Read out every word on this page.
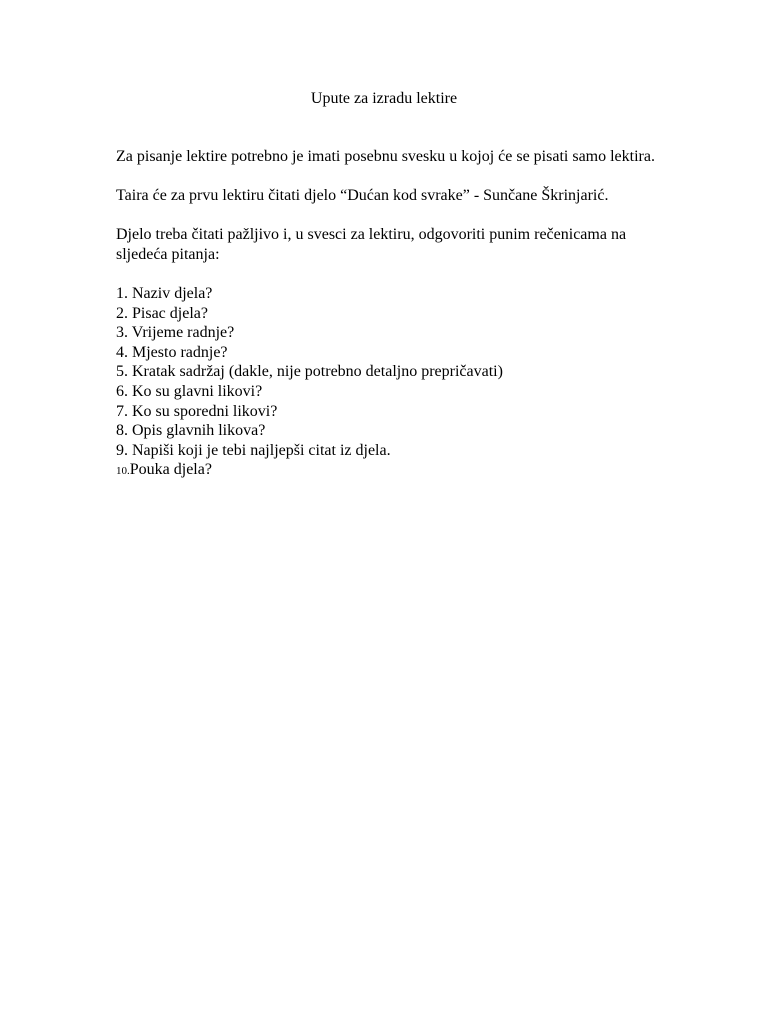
Upute za izradu lektire

Za pisanje lektire potrebno je imati posebnu svesku u kojoj će se pisati samo lektira.

Taira će za prvu lektiru čitati djelo “Dućan kod svrake” - Sunčane Škrinjarić.

Djelo treba čitati pažljivo i, u svesci za lektiru, odgovoriti punim rečenicama na sljedeća pitanja:

1. Naziv djela?
2. Pisac djela?
3. Vrijeme radnje?
4. Mjesto radnje?
5. Kratak sadržaj (dakle, nije potrebno detaljno prepričavati)
6. Ko su glavni likovi?
7. Ko su sporedni likovi?
8. Opis glavnih likova?
9. Napiši koji je tebi najljepši citat iz djela.
10.Pouka djela?
